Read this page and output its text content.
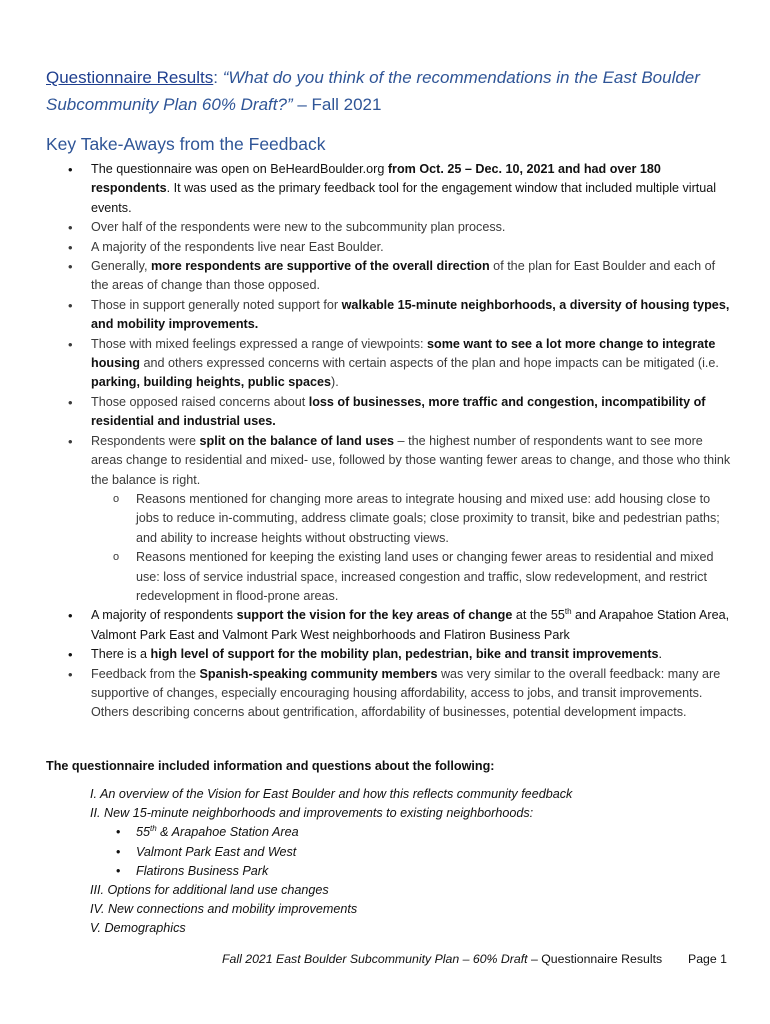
Questionnaire Results: “What do you think of the recommendations in the East Boulder Subcommunity Plan 60% Draft?” – Fall 2021
Key Take-Aways from the Feedback
• The questionnaire was open on BeHeardBoulder.org from Oct. 25 – Dec. 10, 2021 and had over 180 respondents. It was used as the primary feedback tool for the engagement window that included multiple virtual events.
• Over half of the respondents were new to the subcommunity plan process.
• A majority of the respondents live near East Boulder.
• Generally, more respondents are supportive of the overall direction of the plan for East Boulder and each of the areas of change than those opposed.
• Those in support generally noted support for walkable 15-minute neighborhoods, a diversity of housing types, and mobility improvements.
• Those with mixed feelings expressed a range of viewpoints: some want to see a lot more change to integrate housing and others expressed concerns with certain aspects of the plan and hope impacts can be mitigated (i.e. parking, building heights, public spaces).
• Those opposed raised concerns about loss of businesses, more traffic and congestion, incompatibility of residential and industrial uses.
• Respondents were split on the balance of land uses – the highest number of respondents want to see more areas change to residential and mixed- use, followed by those wanting fewer areas to change, and those who think the balance is right.
o Reasons mentioned for changing more areas to integrate housing and mixed use: add housing close to jobs to reduce in-commuting, address climate goals; close proximity to transit, bike and pedestrian paths; and ability to increase heights without obstructing views.
o Reasons mentioned for keeping the existing land uses or changing fewer areas to residential and mixed use: loss of service industrial space, increased congestion and traffic, slow redevelopment, and restrict redevelopment in flood-prone areas.
• A majority of respondents support the vision for the key areas of change at the 55th and Arapahoe Station Area, Valmont Park East and Valmont Park West neighborhoods and Flatiron Business Park
• There is a high level of support for the mobility plan, pedestrian, bike and transit improvements.
• Feedback from the Spanish-speaking community members was very similar to the overall feedback: many are supportive of changes, especially encouraging housing affordability, access to jobs, and transit improvements. Others describing concerns about gentrification, affordability of businesses, potential development impacts.
The questionnaire included information and questions about the following:
I. An overview of the Vision for East Boulder and how this reflects community feedback
II. New 15-minute neighborhoods and improvements to existing neighborhoods:
• 55th & Arapahoe Station Area
• Valmont Park East and West
• Flatirons Business Park
III. Options for additional land use changes
IV. New connections and mobility improvements
V. Demographics
Fall 2021 East Boulder Subcommunity Plan – 60% Draft – Questionnaire Results Page 1
